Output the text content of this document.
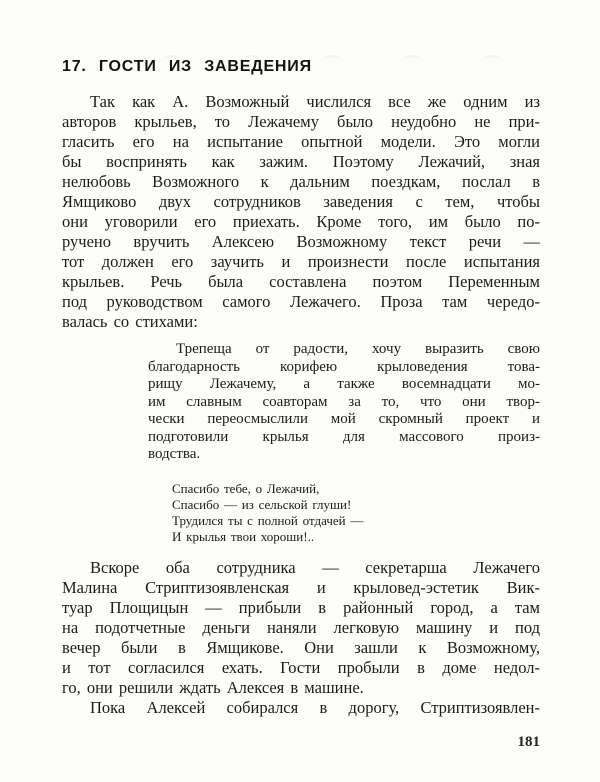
17. ГОСТИ ИЗ ЗАВЕДЕНИЯ
Так как А. Возможный числился все же одним из
авторов крыльев, то Лежачему было неудобно не при-
гласить его на испытание опытной модели. Это могли
бы воспринять как зажим. Поэтому Лежачий, зная
нелюбовь Возможного к дальним поездкам, послал в
Ямщиково двух сотрудников заведения с тем, чтобы
они уговорили его приехать. Кроме того, им было по-
ручено вручить Алексею Возможному текст речи —
тот должен его заучить и произнести после испытания
крыльев. Речь была составлена поэтом Переменным
под руководством самого Лежачего. Проза там чередо-
валась со стихами:
Трепеща от радости, хочу выразить свою
благодарность корифею крыловедения това-
рищу Лежачему, а также восемнадцати мо-
им славным соавторам за то, что они твор-
чески переосмыслили мой скромный проект и
подготовили крылья для массового произ-
водства.
Спасибо тебе, о Лежачий,
Спасибо — из сельской глуши!
Трудился ты с полной отдачей —
И крылья твои хороши!..
Вскоре оба сотрудника — секретарша Лежачего
Малина Стриптизоявленская и крыловед-эстетик Вик-
туар Площицын — прибыли в районный город, а там
на подотчетные деньги наняли легковую машину и под
вечер были в Ямщикове. Они зашли к Возможному,
и тот согласился ехать. Гости пробыли в доме недол-
го, они решили ждать Алексея в машине.
Пока Алексей собирался в дорогу, Стриптизоявлен-
181
